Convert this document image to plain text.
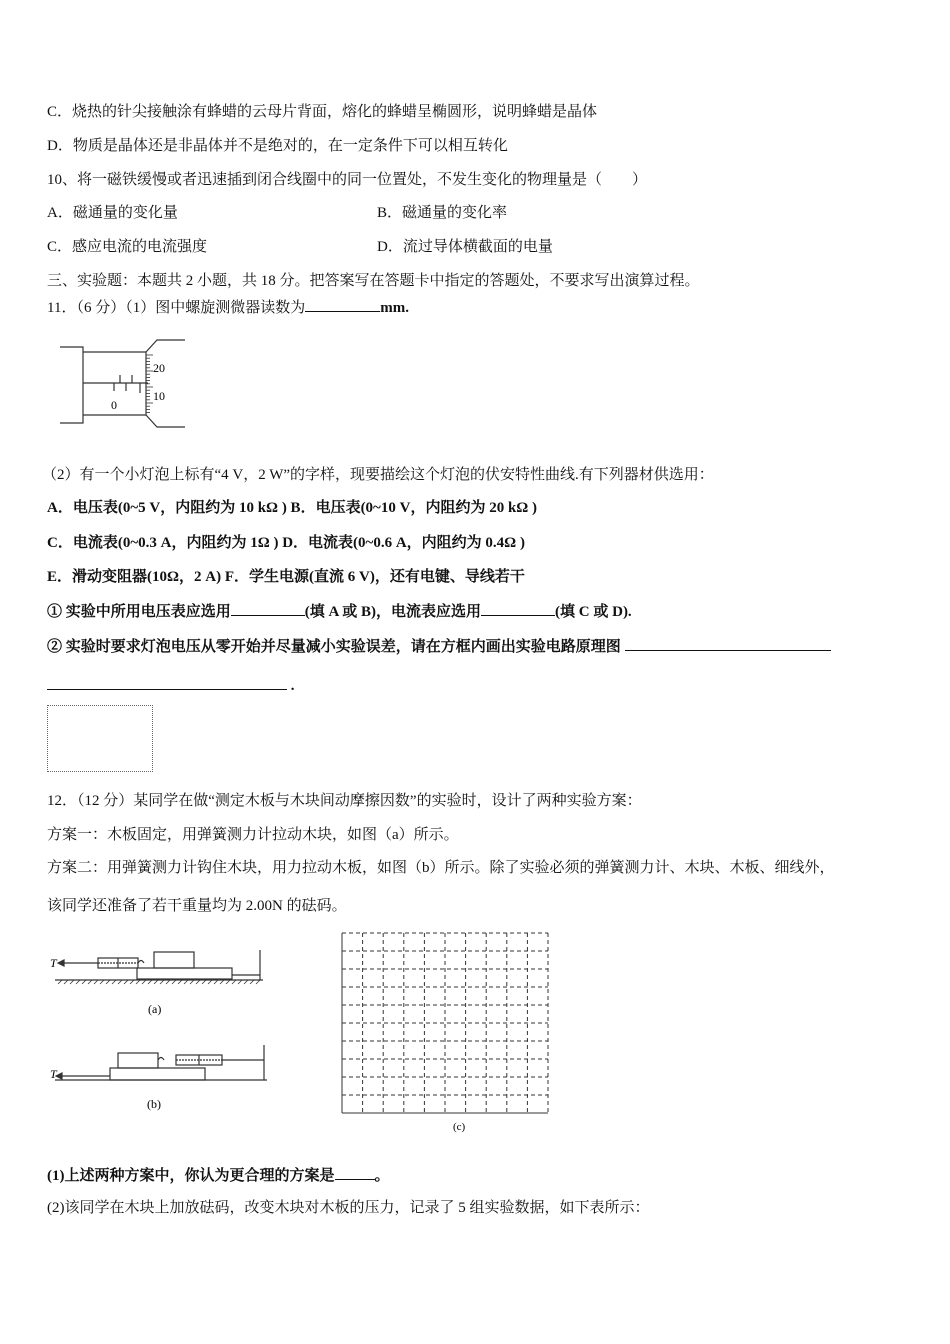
C．烧热的针尖接触涂有蜂蜡的云母片背面，熔化的蜂蜡呈椭圆形，说明蜂蜡是晶体
D．物质是晶体还是非晶体并不是绝对的，在一定条件下可以相互转化
10、将一磁铁缓慢或者迅速插到闭合线圈中的同一位置处，不发生变化的物理量是（　　）
A．磁通量的变化量	B．磁通量的变化率
C．感应电流的电流强度	D．流过导体横截面的电量
三、实验题：本题共 2 小题，共 18 分。把答案写在答题卡中指定的答题处，不要求写出演算过程。
11．（6 分）（1）图中螺旋测微器读数为	mm.
20
10
0
（2）有一个小灯泡上标有“4 V，2 W”的字样，现要描绘这个灯泡的伏安特性曲线.有下列器材供选用：
A．电压表(0~5 V，内阻约为 10 kΩ ) B．电压表(0~10 V，内阻约为 20 kΩ )
C．电流表(0~0.3 A，内阻约为 1Ω ) D．电流表(0~0.6 A，内阻约为 0.4Ω )
E．滑动变阻器(10Ω，2 A) F．学生电源(直流 6 V)，还有电键、导线若干
① 实验中所用电压表应选用	(填 A 或 B)，电流表应选用	(填 C 或 D).
② 实验时要求灯泡电压从零开始并尽量减小实验误差，请在方框内画出实验电路原理图
.
12．（12 分）某同学在做“测定木板与木块间动摩擦因数”的实验时，设计了两种实验方案：
方案一：木板固定，用弹簧测力计拉动木块，如图（a）所示。
方案二：用弹簧测力计钩住木块，用力拉动木板，如图（b）所示。除了实验必须的弹簧测力计、木块、木板、细线外，
该同学还准备了若干重量均为 2.00N 的砝码。
T
(a)
T
(b)
(c)
(1)上述两种方案中，你认为更合理的方案是	。
(2)该同学在木块上加放砝码，改变木块对木板的压力，记录了 5 组实验数据，如下表所示：
